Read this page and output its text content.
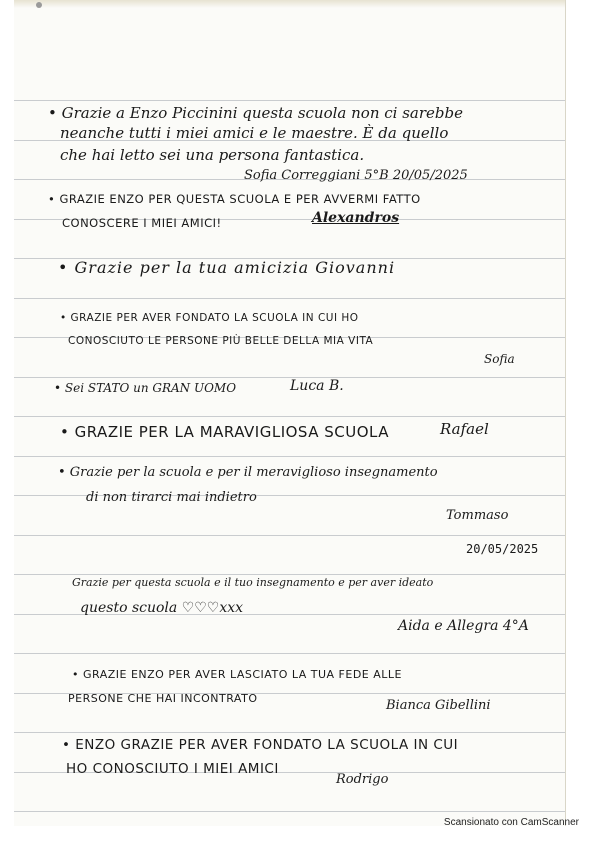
• Grazie a Enzo Piccinini questa scuola non ci sarebbe
neanche tutti i miei amici e le maestre. È da quello
che hai letto sei una persona fantastica.
Sofia Correggiani 5°B 20/05/2025
• GRAZIE ENZO PER QUESTA SCUOLA E PER AVVERMI FATTO
CONOSCERE I MIEI AMICI!	Alexandros
• Grazie per la tua amicizia Giovanni
• GRAZIE PER AVER FONDATO LA SCUOLA IN CUI HO
CONOSCIUTO LE PERSONE PIÙ BELLE DELLA MIA VITA
Sofia
• Sei STATO un GRAN UOMO	Luca B.
• GRAZIE PER LA MARAVIGLIOSA SCUOLA	Rafael
• Grazie per la scuola e per il meraviglioso insegnamento
di non tirarci mai indietro
Tommaso
20/05/2025
Grazie per questa scuola e il tuo insegnamento e per aver ideato
questo scuola ♡♡♡xxx
Aida e Allegra 4°A
• GRAZIE ENZO PER AVER LASCIATO LA TUA FEDE ALLE
PERSONE CHE HAI INCONTRATO	Bianca Gibellini
• ENZO GRAZIE PER AVER FONDATO LA SCUOLA IN CUI
HO CONOSCIUTO I MIEI AMICI
Rodrigo
Scansionato con CamScanner
